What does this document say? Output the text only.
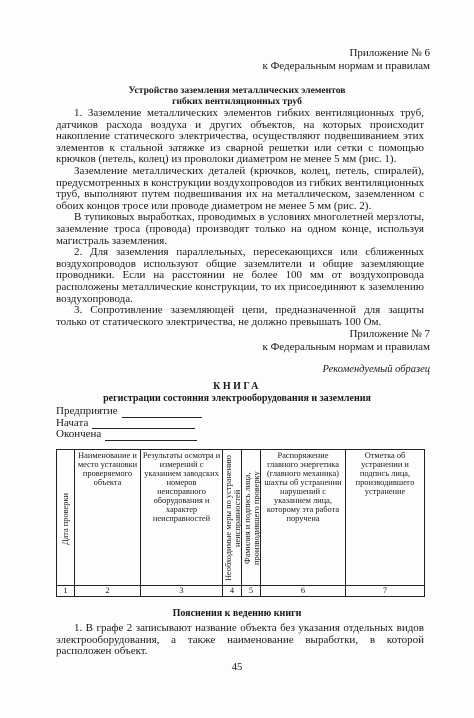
Приложение № 6
к Федеральным нормам и правилам
Устройство заземления металлических элементов
гибких вентиляционных труб

1. Заземление металлических элементов гибких вентиляционных труб, датчиков расхода воздуха и других объектов, на которых происходит накопление статического электричества, осуществляют подвешиванием этих элементов к стальной затяжке из сварной решетки или сетки с помощью крючков (петель, колец) из проволоки диаметром не менее 5 мм (рис. 1).

Заземление металлических деталей (крючков, колец, петель, спиралей), предусмотренных в конструкции воздухопроводов из гибких вентиляционных труб, выполняют путем подвешивания их на металлическом, заземленном с обоих концов тросе или проводе диаметром не менее 5 мм (рис. 2).

В тупиковых выработках, проводимых в условиях многолетней мерзлоты, заземление троса (провода) производят только на одном конце, используя магистраль заземления.

2. Для заземления параллельных, пересекающихся или сближенных воздухопроводов используют общие заземлители и общие заземляющие проводники. Если на расстоянии не более 100 мм от воздухопровода расположены металлические конструкции, то их присоединяют к заземлению воздухопровода.

3. Сопротивление заземляющей цепи, предназначенной для защиты только от статического электричества, не должно превышать 100 Ом.

Приложение № 7
к Федеральным нормам и правилам
Рекомендуемый образец
КНИГА
регистрации состояния электрооборудования и заземления
Предприятие
Начата
Окончена
Дата проверки	Наименование и место установки проверяемого объекта	Результаты осмотра и измерений с указанием заводских номеров неисправного оборудования и характер неисправностей	Необходимые меры по устранению неисправностей	Фамилия и подпись лица, производившего проверку	Распоряжение главного энергетика (главного механика) шахты об устранении нарушений с указанием лица, которому эта работа поручена	Отметка об устранении и подпись лица, производившего устранение

1	2	3	4	5	6	7
Пояснения к ведению книги

1. В графе 2 записывают название объекта без указания отдельных видов электрооборудования, а также наименование выработки, в которой расположен объект.

45
